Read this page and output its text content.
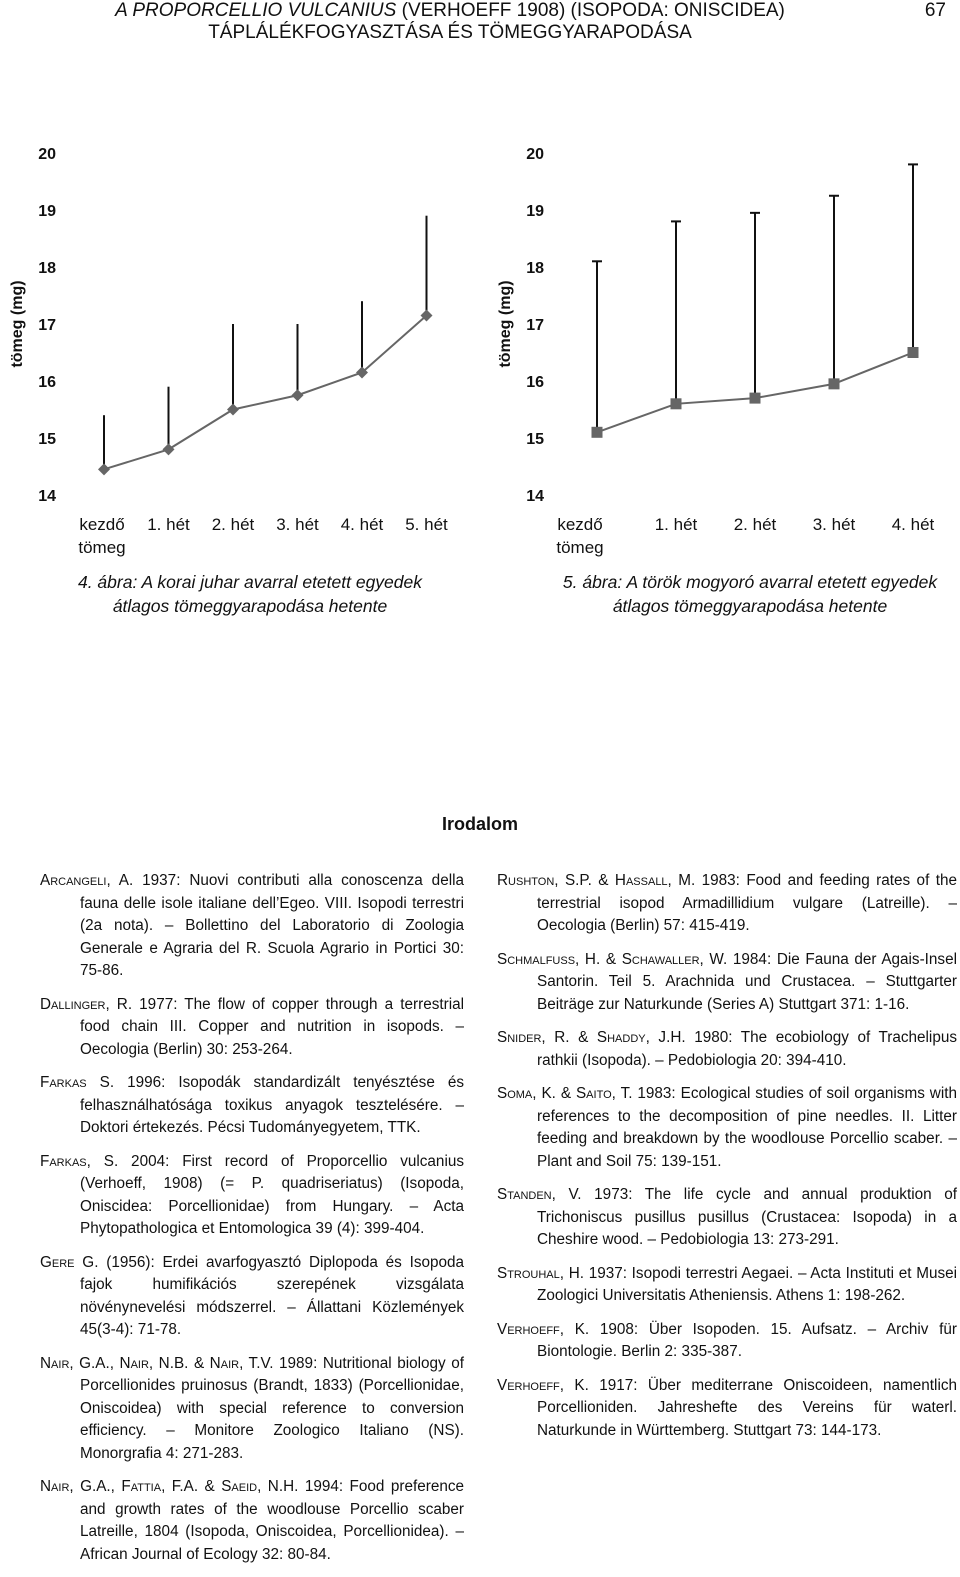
A PROPORCELLIO VULCANIUS (VERHOEFF 1908) (ISOPODA: ONISCIDEA)
TÁPLÁLÉKFOGYASZTÁSA ÉS TÖMEGGYARAPODÁSA
67
14
15
16
17
18
19
20
tömeg (mg)
kezdő tömeg
1. hét 2. hét 3. hét 4. hét 5. hét
4. ábra: A korai juhar avarral etetett egyedek
átlagos tömeggyarapodása hetente
14
15
16
17
18
19
20
tömeg (mg)
kezdő tömeg
1. hét 2. hét 3. hét 4. hét
5. ábra: A török mogyoró avarral etetett egyedek
átlagos tömeggyarapodása hetente
Irodalom
Arcangeli, A. 1937: Nuovi contributi alla conoscenza della fauna delle isole italiane dell’Egeo. VIII. Isopodi terrestri (2a nota). – Bollettino del Laboratorio di Zoologia Generale e Agraria del R. Scuola Agrario in Portici 30: 75-86.
Dallinger, R. 1977: The flow of copper through a terrestrial food chain III. Copper and nutrition in isopods. – Oecologia (Berlin) 30: 253-264.
Farkas S. 1996: Isopodák standardizált tenyésztése és felhasználhatósága toxikus anyagok tesztelésére. – Doktori értekezés. Pécsi Tudományegyetem, TTK.
Farkas, S. 2004: First record of Proporcellio vulcanius (Verhoeff, 1908) (= P. quadriseriatus) (Isopoda, Oniscidea: Porcellionidae) from Hungary. – Acta Phytopathologica et Entomologica 39 (4): 399-404.
Gere G. (1956): Erdei avarfogyasztó Diplopoda és Isopoda fajok humifikációs szerepének vizsgálata növénynevelési módszerrel. – Állattani Közlemények 45(3-4): 71-78.
Nair, G.A., Nair, N.B. & Nair, T.V. 1989: Nutritional biology of Porcellionides pruinosus (Brandt, 1833) (Porcellionidae, Oniscoidea) with special reference to conversion efficiency. – Monitore Zoologico Italiano (NS). Monorgrafia 4: 271-283.
Nair, G.A., Fattia, F.A. & Saeid, N.H. 1994: Food preference and growth rates of the woodlouse Porcellio scaber Latreille, 1804 (Isopoda, Oniscoidea, Porcellionidea). – African Journal of Ecology 32: 80-84.
Rushton, S.P. & Hassall, M. 1983: Food and feeding rates of the terrestrial isopod Armadillidium vulgare (Latreille). – Oecologia (Berlin) 57: 415-419.
Schmalfuss, H. & Schawaller, W. 1984: Die Fauna der Agais-Insel Santorin. Teil 5. Arachnida und Crustacea. – Stuttgarter Beiträge zur Naturkunde (Series A) Stuttgart 371: 1-16.
Snider, R. & Shaddy, J.H. 1980: The ecobiology of Trachelipus rathkii (Isopoda). – Pedobiologia 20: 394-410.
Soma, K. & Saito, T. 1983: Ecological studies of soil organisms with references to the decomposition of pine needles. II. Litter feeding and breakdown by the woodlouse Porcellio scaber. – Plant and Soil 75: 139-151.
Standen, V. 1973: The life cycle and annual produktion of Trichoniscus pusillus pusillus (Crustacea: Isopoda) in a Cheshire wood. – Pedobiologia 13: 273-291.
Strouhal, H. 1937: Isopodi terrestri Aegaei. – Acta Instituti et Musei Zoologici Universitatis Atheniensis. Athens 1: 198-262.
Verhoeff, K. 1908: Über Isopoden. 15. Aufsatz. – Archiv für Biontologie. Berlin 2: 335-387.
Verhoeff, K. 1917: Über mediterrane Oniscoideen, namentlich Porcellioniden. Jahreshefte des Vereins für waterl. Naturkunde in Württemberg. Stuttgart 73: 144-173.
